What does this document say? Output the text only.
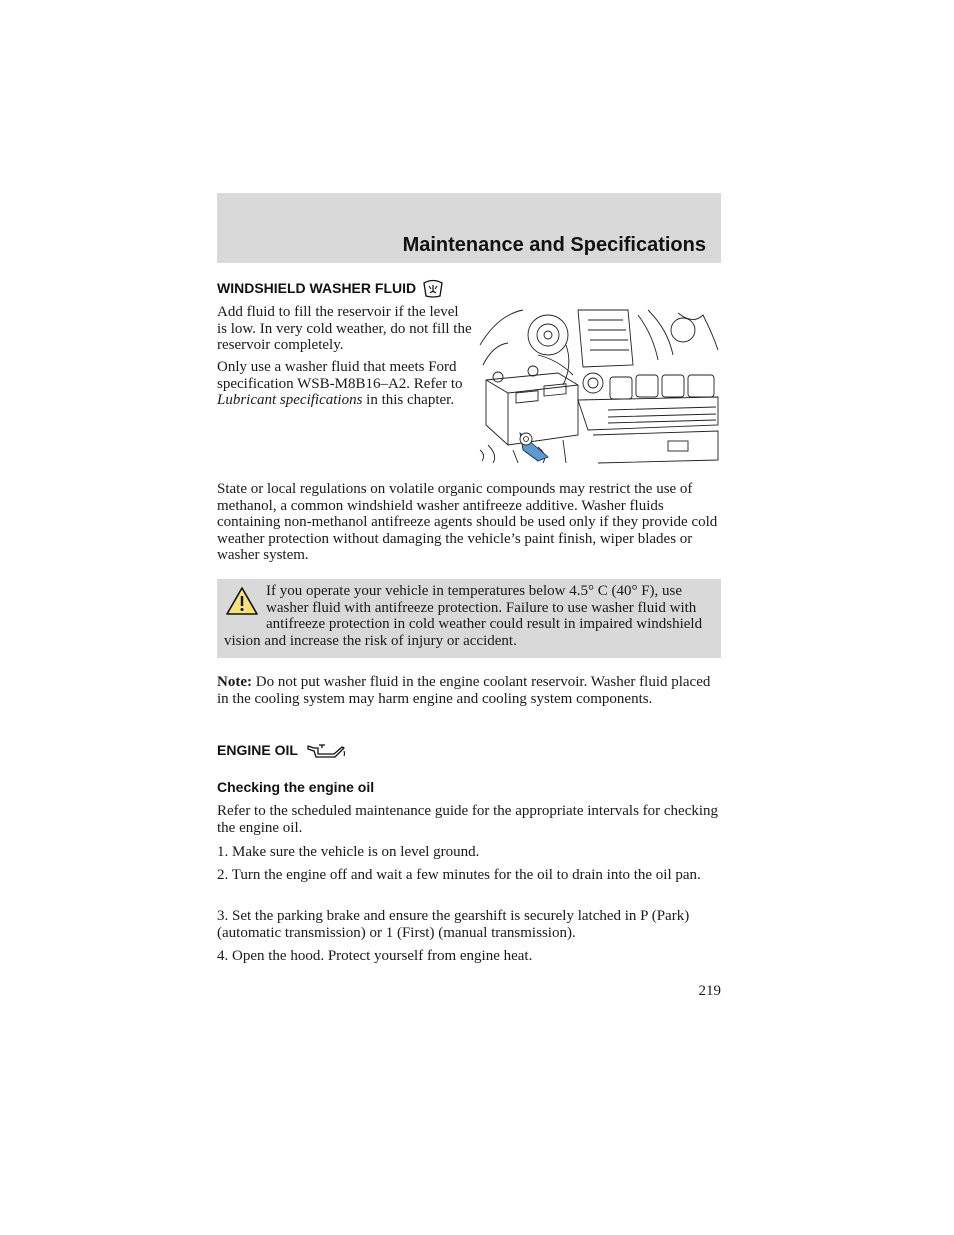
Maintenance and Specifications
WINDSHIELD WASHER FLUID

Add fluid to fill the reservoir if the level is low. In very cold weather, do not fill the reservoir completely.

Only use a washer fluid that meets Ford specification WSB-M8B16–A2. Refer to Lubricant specifications in this chapter.

State or local regulations on volatile organic compounds may restrict the use of methanol, a common windshield washer antifreeze additive. Washer fluids containing non-methanol antifreeze agents should be used only if they provide cold weather protection without damaging the vehicle’s paint finish, wiper blades or washer system.

If you operate your vehicle in temperatures below 4.5° C (40° F), use washer fluid with antifreeze protection. Failure to use washer fluid with antifreeze protection in cold weather could result in impaired windshield vision and increase the risk of injury or accident.

Note: Do not put washer fluid in the engine coolant reservoir. Washer fluid placed in the cooling system may harm engine and cooling system components.

ENGINE OIL
Checking the engine oil

Refer to the scheduled maintenance guide for the appropriate intervals for checking the engine oil.

1. Make sure the vehicle is on level ground.

2. Turn the engine off and wait a few minutes for the oil to drain into the oil pan.

3. Set the parking brake and ensure the gearshift is securely latched in P (Park) (automatic transmission) or 1 (First) (manual transmission).

4. Open the hood. Protect yourself from engine heat.

219
